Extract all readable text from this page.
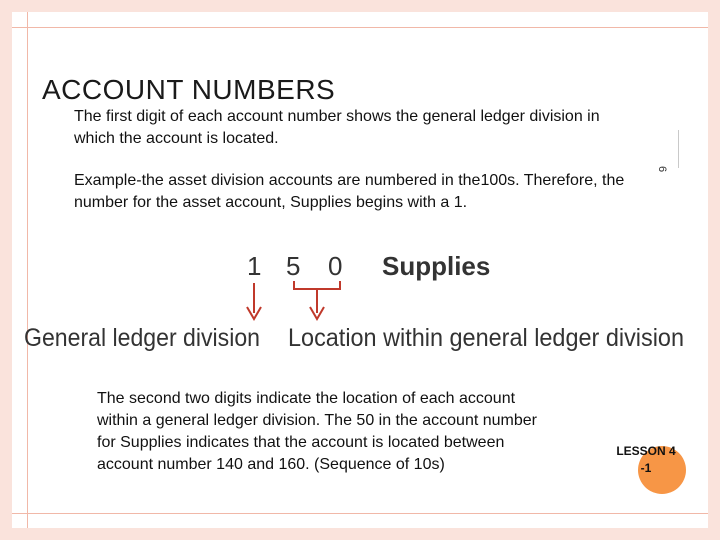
ACCOUNT NUMBERS
The first digit of each account number shows the general ledger division in which the account is located.
6
Example-the asset division accounts are numbered in the100s. Therefore, the number for the asset account, Supplies begins with a 1.
1 5 0 Supplies
General ledger division Location within general ledger division
The second two digits indicate the location of each account within a general ledger division. The 50 in the account number for Supplies indicates that the account is located between account number 140 and 160. (Sequence of 10s)
LESSON 4
-1
